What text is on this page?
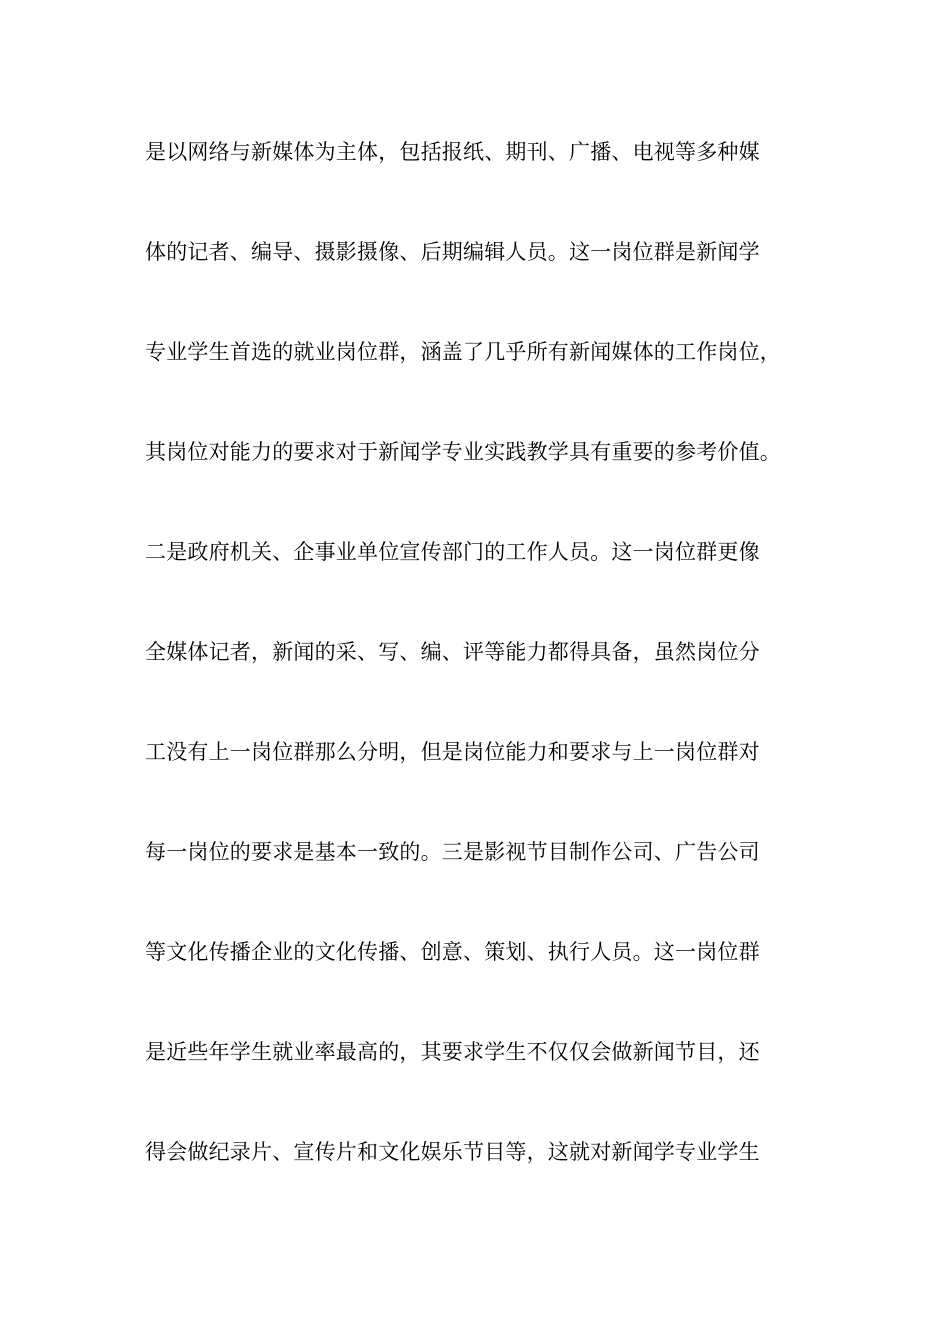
是以网络与新媒体为主体，包括报纸、期刊、广播、电视等多种媒
体的记者、编导、摄影摄像、后期编辑人员。这一岗位群是新闻学
专业学生首选的就业岗位群，涵盖了几乎所有新闻媒体的工作岗位，
其岗位对能力的要求对于新闻学专业实践教学具有重要的参考价值。
二是政府机关、企事业单位宣传部门的工作人员。这一岗位群更像
全媒体记者，新闻的采、写、编、评等能力都得具备，虽然岗位分
工没有上一岗位群那么分明，但是岗位能力和要求与上一岗位群对
每一岗位的要求是基本一致的。三是影视节目制作公司、广告公司
等文化传播企业的文化传播、创意、策划、执行人员。这一岗位群
是近些年学生就业率最高的，其要求学生不仅仅会做新闻节目，还
得会做纪录片、宣传片和文化娱乐节目等，这就对新闻学专业学生
